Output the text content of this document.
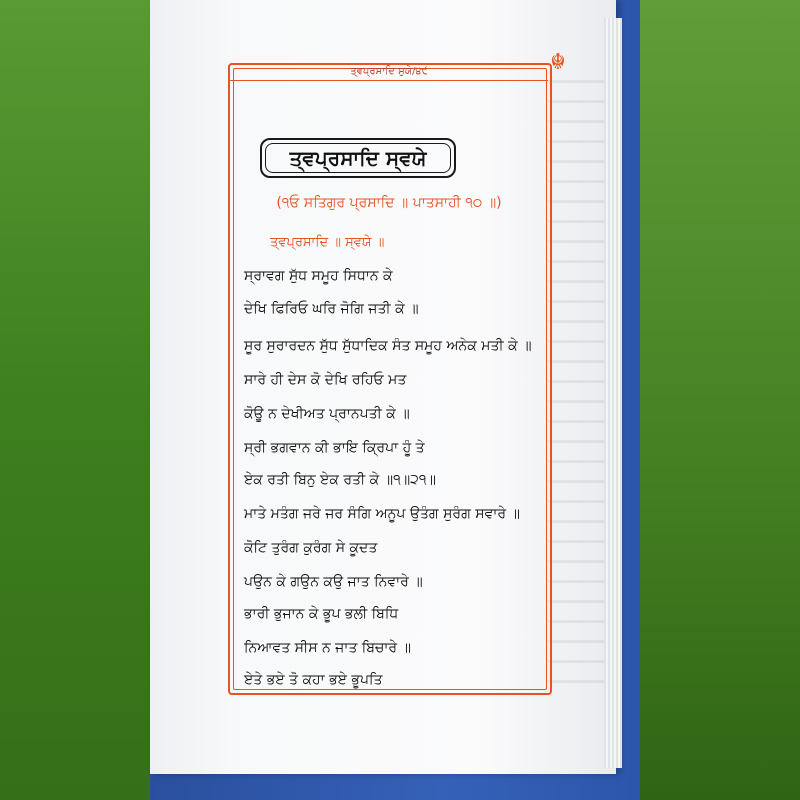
ਤ੍ਵਪ੍ਰਸਾਦਿ ਸੁਯੇ/੪੯	☬
ਤ੍ਵਪ੍ਰਸਾਦਿ ਸ੍ਵਯੇ
(੧ਓ ਸਤਿਗੁਰ ਪ੍ਰਸਾਦਿ ॥ ਪਾਤਸਾਹੀ ੧੦ ॥)
ਤ੍ਵਪ੍ਰਸਾਦਿ ॥ ਸ੍ਵਯੇ ॥
ਸ੍ਰਾਵਗ ਸੁੱਧ ਸਮੂਹ ਸਿਧਾਨ ਕੇ
ਦੇਖਿ ਫਿਰਿਓ ਘਰਿ ਜੋਗਿ ਜਤੀ ਕੇ ॥
ਸੂਰ ਸੁਰਾਰਦਨ ਸੁੱਧ ਸੁੱਧਾਦਿਕ ਸੰਤ ਸਮੂਹ ਅਨੇਕ ਮਤੀ ਕੇ ॥
ਸਾਰੇ ਹੀ ਦੇਸ ਕੋ ਦੇਖਿ ਰਹਿਓ ਮਤ
ਕੋਊ ਨ ਦੇਖੀਅਤ ਪ੍ਰਾਨਪਤੀ ਕੇ ॥
ਸ੍ਰੀ ਭਗਵਾਨ ਕੀ ਭਾਇ ਕ੍ਰਿਪਾ ਹੂੰ ਤੇ
ਏਕ ਰਤੀ ਬਿਨੁ ਏਕ ਰਤੀ ਕੇ ॥੧॥੨੧॥
ਮਾਤੇ ਮਤੰਗ ਜਰੇ ਜਰ ਸੰਗਿ ਅਨੂਪ ਉਤੰਗ ਸੁਰੰਗ ਸਵਾਰੇ ॥
ਕੋਟਿ ਤੁਰੰਗ ਕੁਰੰਗ ਸੇ ਕੂਦਤ
ਪਉਨ ਕੇ ਗਉਨ ਕਉ ਜਾਤ ਨਿਵਾਰੇ ॥
ਭਾਰੀ ਭੁਜਾਨ ਕੇ ਭੂਪ ਭਲੀ ਬਿਧਿ
ਨਿਆਵਤ ਸੀਸ ਨ ਜਾਤ ਬਿਚਾਰੇ ॥
ਏਤੇ ਭਏ ਤੋ ਕਹਾ ਭਏ ਭੂਪਤਿ
